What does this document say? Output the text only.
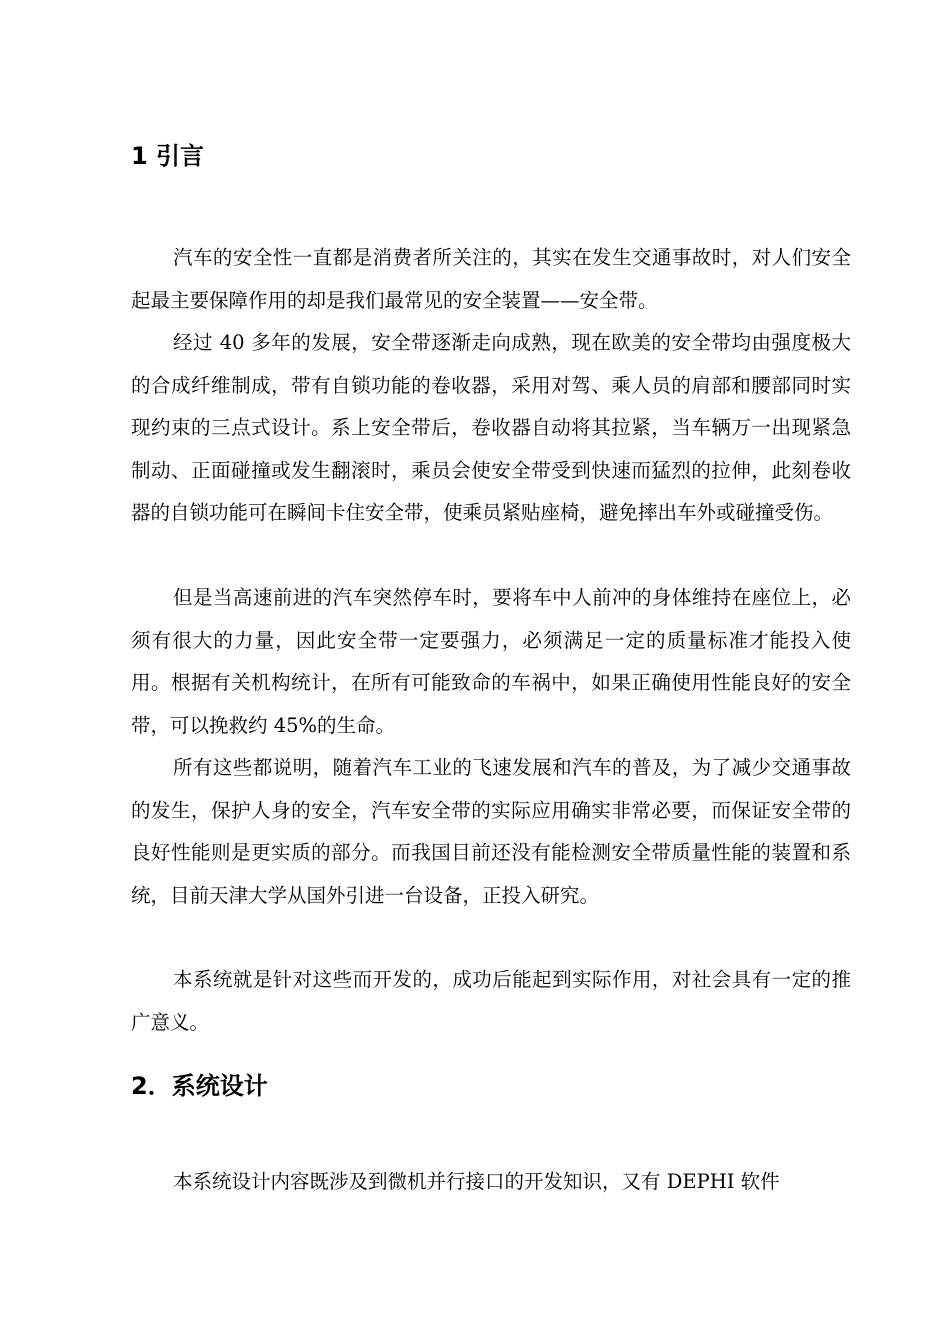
1 引言

汽车的安全性一直都是消费者所关注的，其实在发生交通事故时，对人们安全起最主要保障作用的却是我们最常见的安全装置——安全带。

经过 40 多年的发展，安全带逐渐走向成熟，现在欧美的安全带均由强度极大的合成纤维制成，带有自锁功能的卷收器，采用对驾、乘人员的肩部和腰部同时实现约束的三点式设计。系上安全带后，卷收器自动将其拉紧，当车辆万一出现紧急制动、正面碰撞或发生翻滚时，乘员会使安全带受到快速而猛烈的拉伸，此刻卷收器的自锁功能可在瞬间卡住安全带，使乘员紧贴座椅，避免摔出车外或碰撞受伤。

但是当高速前进的汽车突然停车时，要将车中人前冲的身体维持在座位上，必须有很大的力量，因此安全带一定要强力，必须满足一定的质量标准才能投入使用。根据有关机构统计，在所有可能致命的车祸中，如果正确使用性能良好的安全带，可以挽救约 45%的生命。

所有这些都说明，随着汽车工业的飞速发展和汽车的普及，为了减少交通事故的发生，保护人身的安全，汽车安全带的实际应用确实非常必要，而保证安全带的良好性能则是更实质的部分。而我国目前还没有能检测安全带质量性能的装置和系统，目前天津大学从国外引进一台设备，正投入研究。

本系统就是针对这些而开发的，成功后能起到实际作用，对社会具有一定的推广意义。

2．系统设计

本系统设计内容既涉及到微机并行接口的开发知识，又有 DEPHI 软件
